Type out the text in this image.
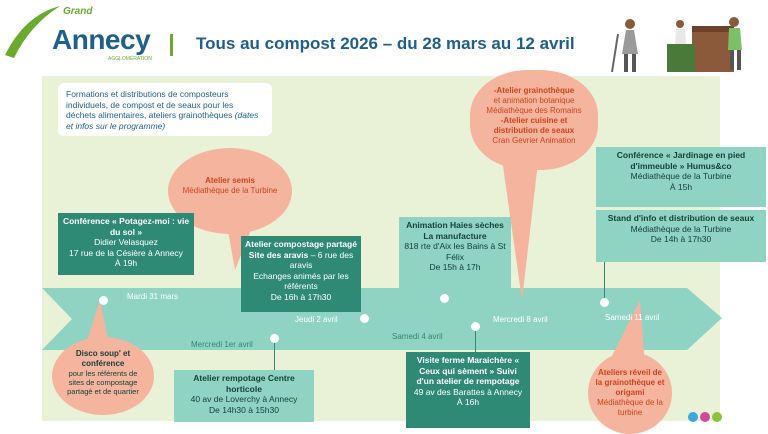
Grand
Annecy
AGGLOMÉRATION
Tous au compost 2026 – du 28 mars au 12 avril
Formations et distributions de composteurs individuels, de compost et de seaux pour les déchets alimentaires, ateliers grainothèques (dates et infos sur le programme)
Atelier semis
Médiathèque de la Turbine
-Atelier grainothèque
et animation botanique
Médiathèque des Romains
-Atelier cuisine et distribution de seaux
Cran Gevrier Animation
Disco soup' et conférence
pour les référents de sites de compostage partagé et de quartier
Ateliers réveil de la grainothèque et origami
Médiathèque de la turbine
Conférence « Potagez-moi : vie du sol »
Didier Velasquez
17 rue de la Césière à Annecy
À 19h
Atelier compostage partagé Site des aravis – 6 rue des aravis
Echanges animés par les référents
De 16h à 17h30
Animation Haies sèches La manufacture
818 rte d'Aix les Bains à St Félix
De 15h à 17h
Conférence « Jardinage en pied d'immeuble » Humus&co
Médiathèque de la Turbine
À 15h
Stand d'info et distribution de seaux
Médiathèque de la Turbine
De 14h à 17h30
Atelier rempotage Centre horticole
40 av de Loverchy à Annecy
De 14h30 à 15h30
Visite ferme Maraichère « Ceux qui sèment » Suivi d'un atelier de rempotage
49 av des Barattes à Annecy
À 16h
Mardi 31 mars
Mercredi 1er avril
Jeudi 2 avril
Samedi 4 avril
Mercredi 8 avril	Samedi 11 avril
